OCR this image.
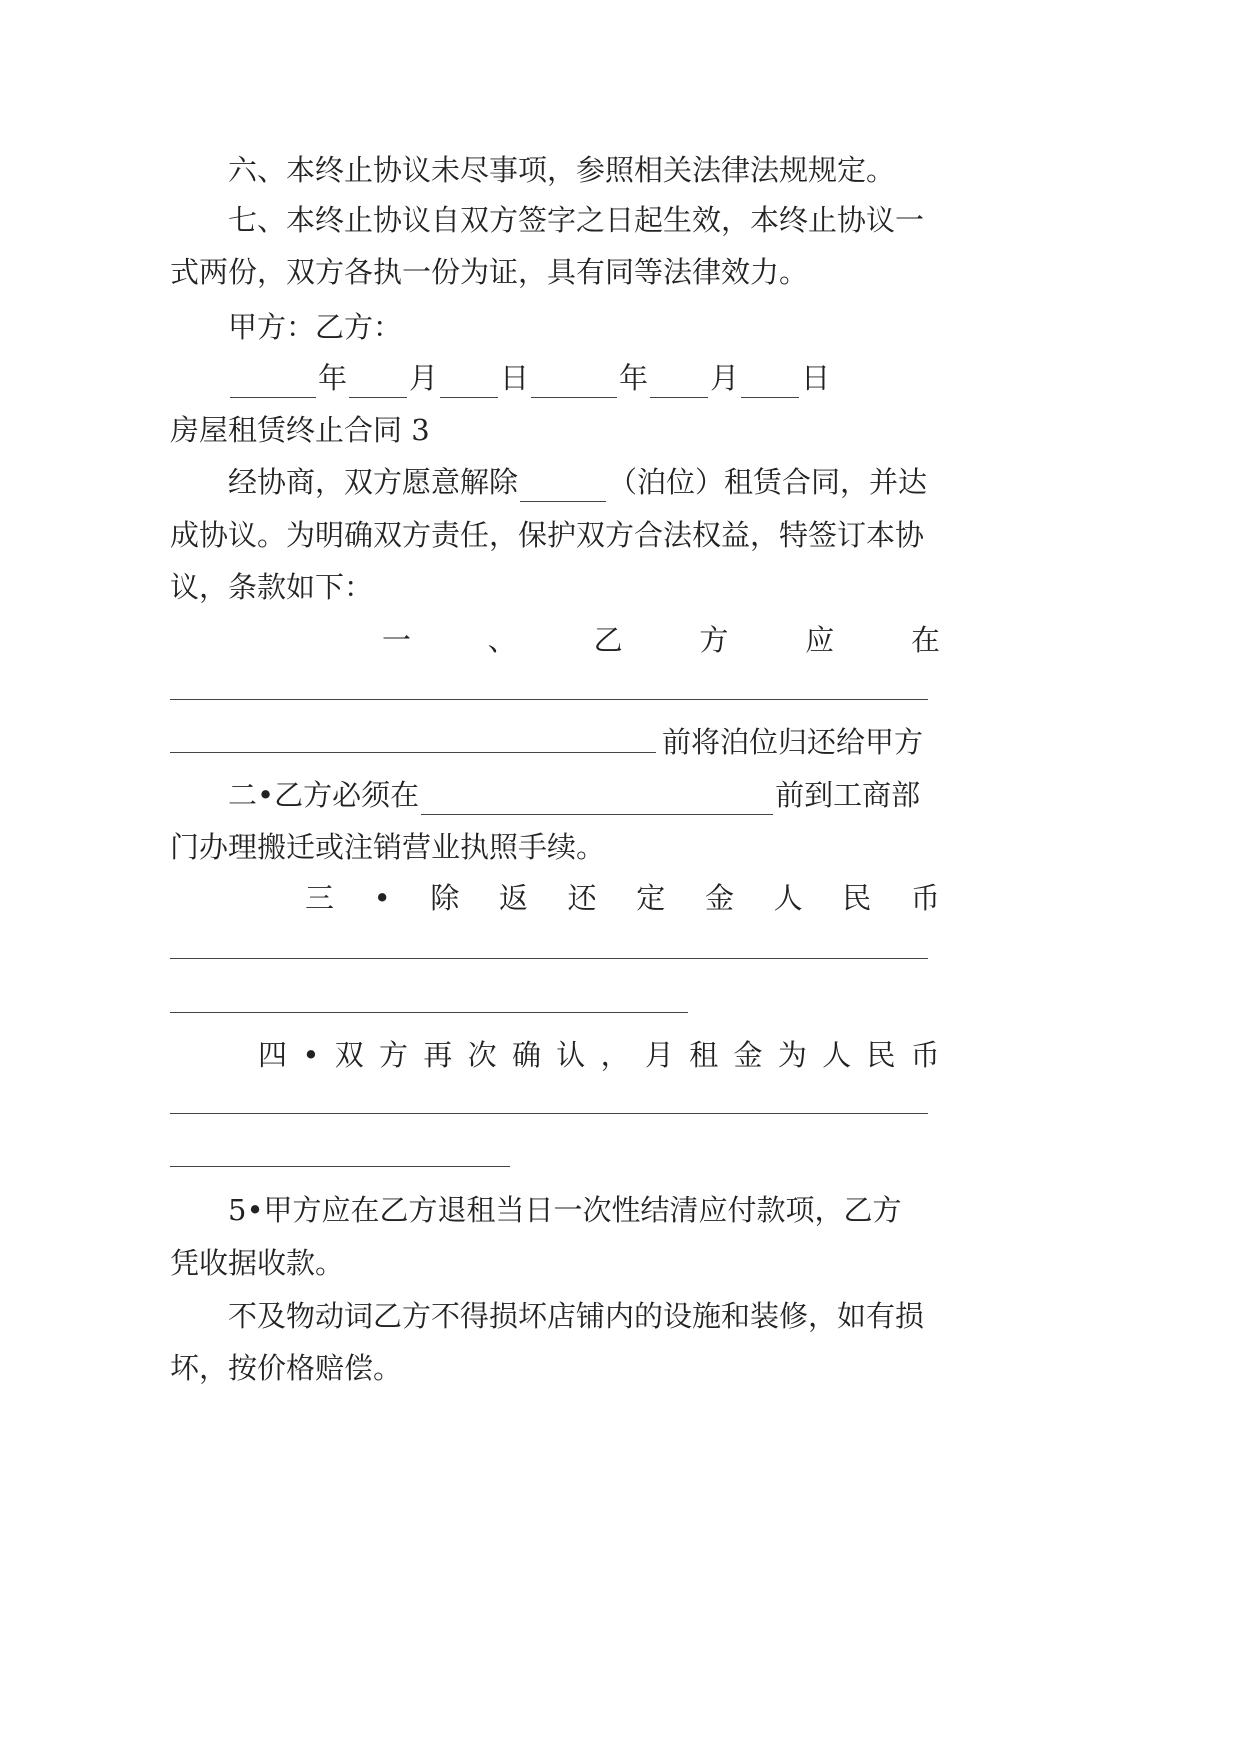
六、本终止协议未尽事项，参照相关法律法规规定。
七、本终止协议自双方签字之日起生效，本终止协议一
式两份，双方各执一份为证，具有同等法律效力。
甲方：乙方：
年 月 日	年 月 日
房屋租赁终止合同 3
经协商，双方愿意解除	（泊位）租赁合同，并达
成协议。为明确双方责任，保护双方合法权益，特签订本协
议，条款如下：
一	、	乙	方	应	在
前将泊位归还给甲方
二•乙方必须在	前到工商部
门办理搬迁或注销营业执照手续。
三 • 除 返 还 定 金 人 民 币
四 • 双 方 再 次 确 认 ， 月 租 金 为 人 民 币
5•甲方应在乙方退租当日一次性结清应付款项，乙方
凭收据收款。
不及物动词乙方不得损坏店铺内的设施和装修，如有损
坏，按价格赔偿。
